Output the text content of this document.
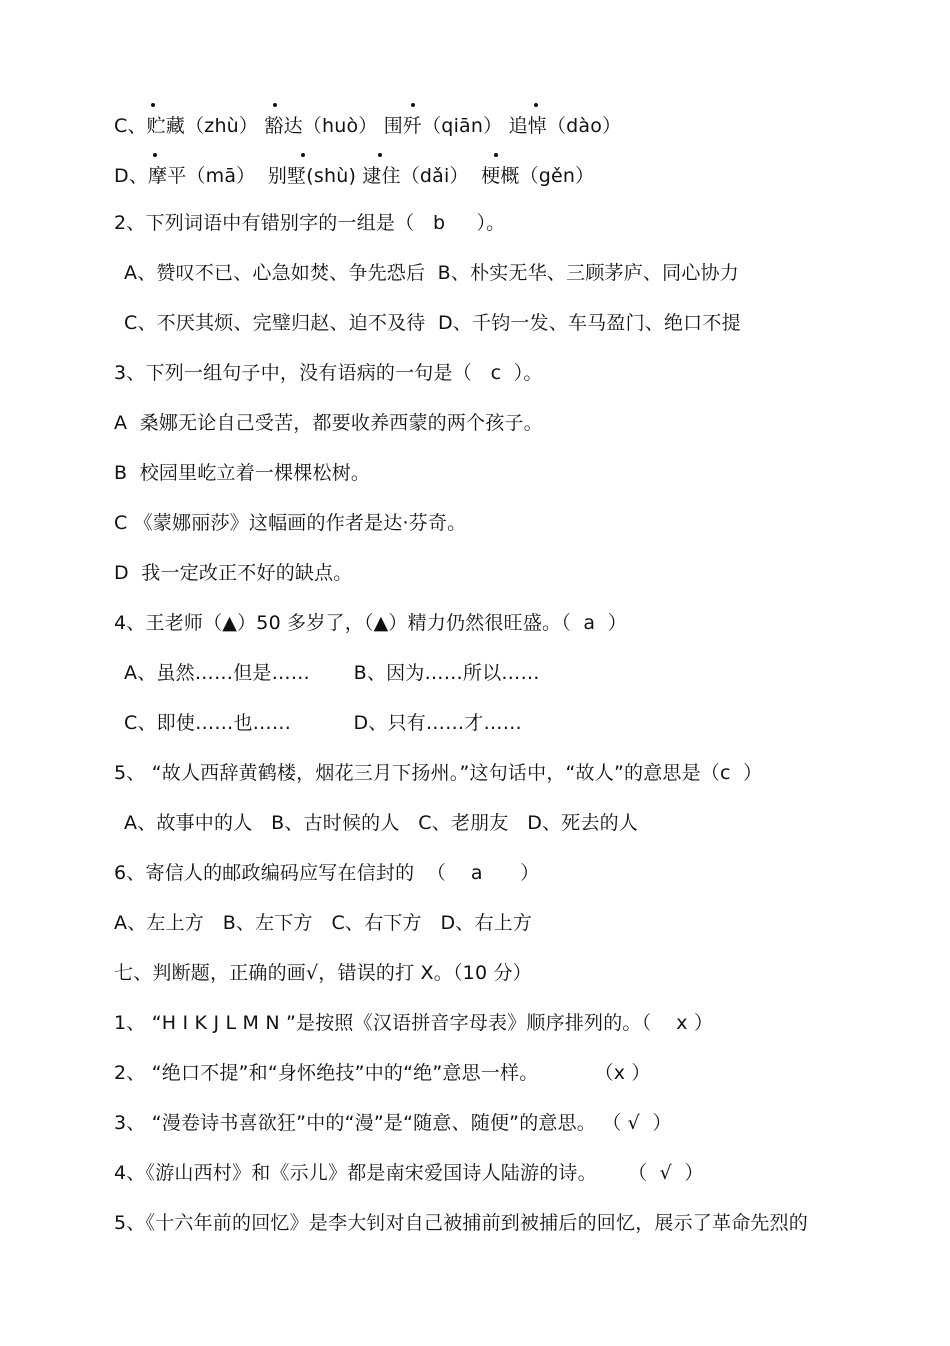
C、贮藏（zhù） 豁达（huò） 围歼（qiān） 追悼（dào）
D、摩平（mā）  别墅(shù) 逮住（dǎi）  梗概（gěn）
2、下列词语中有错别字的一组是（   b     ）。
A、赞叹不已、心急如焚、争先恐后  B、朴实无华、三顾茅庐、同心协力
C、不厌其烦、完璧归赵、迫不及待  D、千钧一发、车马盈门、绝口不提
3、下列一组句子中，没有语病的一句是（   c  ）。
A  桑娜无论自己受苦，都要收养西蒙的两个孩子。
B  校园里屹立着一棵棵松树。
C 《蒙娜丽莎》这幅画的作者是达·芬奇。
D  我一定改正不好的缺点。
4、王老师（▲）50 多岁了，（▲）精力仍然很旺盛。（  a  ）
A、虽然……但是……       B、因为……所以……
C、即使……也……          D、只有……才……
5、 “故人西辞黄鹤楼，烟花三月下扬州。”这句话中，“故人”的意思是（c  ）
A、故事中的人   B、古时候的人   C、老朋友   D、死去的人
6、寄信人的邮政编码应写在信封的  （    a      ）
A、左上方   B、左下方   C、右下方   D、右上方
七、判断题，正确的画√，错误的打 X。（10 分）
1、 “H I K J L M N ”是按照《汉语拼音字母表》顺序排列的。（    x ）
2、 “绝口不提”和“身怀绝技”中的“绝”意思一样。         （x ）
3、 “漫卷诗书喜欲狂”中的“漫”是“随意、随便”的意思。 （ √  ）
4、《游山西村》和《示儿》都是南宋爱国诗人陆游的诗。     （  √  ）
5、《十六年前的回忆》是李大钊对自己被捕前到被捕后的回忆，展示了革命先烈的
